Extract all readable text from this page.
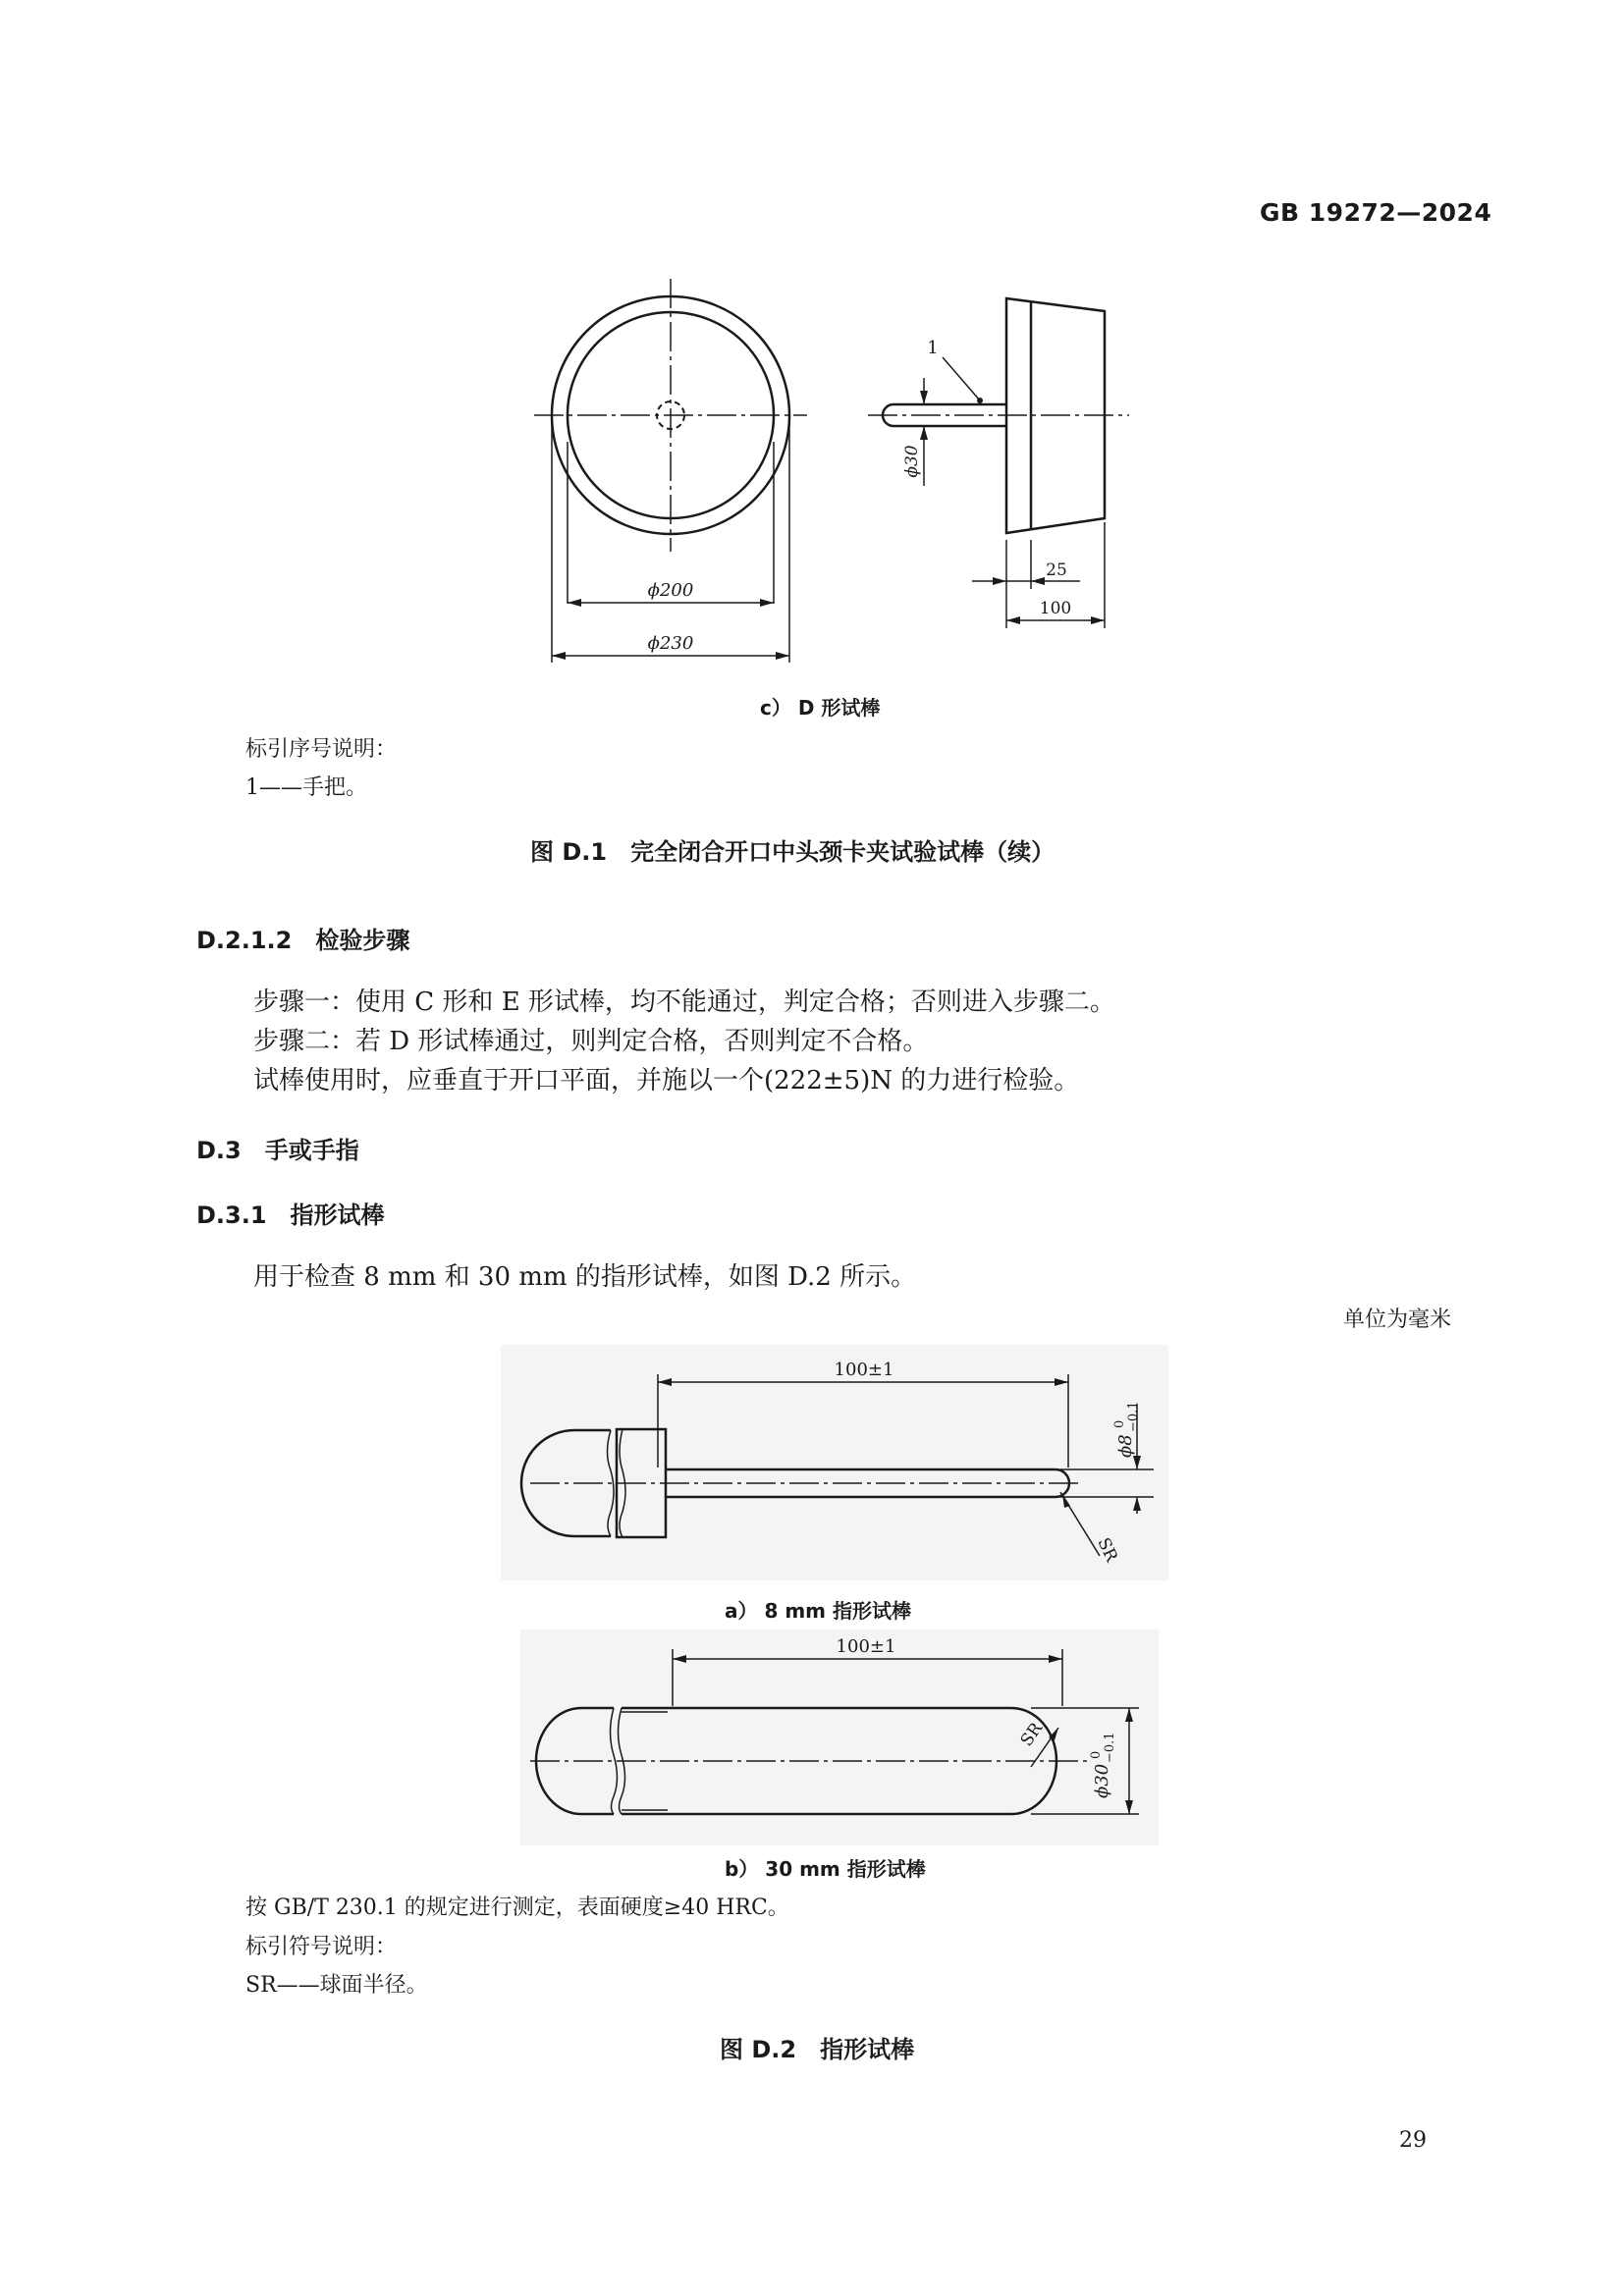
GB 19272—2024
ϕ200
ϕ230
1
ϕ30
25
100
c） D 形试棒
标引序号说明：
1——手把。
图 D.1　完全闭合开口中头颈卡夹试验试棒（续）
D.2.1.2　检验步骤
步骤一：使用 C 形和 E 形试棒，均不能通过，判定合格；否则进入步骤二。
步骤二：若 D 形试棒通过，则判定合格，否则判定不合格。
试棒使用时，应垂直于开口平面，并施以一个(222±5)N 的力进行检验。
D.3　手或手指
D.3.1　指形试棒
用于检查 8 mm 和 30 mm 的指形试棒，如图 D.2 所示。
单位为毫米
100±1
ϕ8
0 −0.1
SR
a） 8 mm 指形试棒
100±1
ϕ30
0 −0.1
SR
b） 30 mm 指形试棒
按 GB/T 230.1 的规定进行测定，表面硬度≥40 HRC。
标引符号说明：
SR——球面半径。
图 D.2　指形试棒
29
